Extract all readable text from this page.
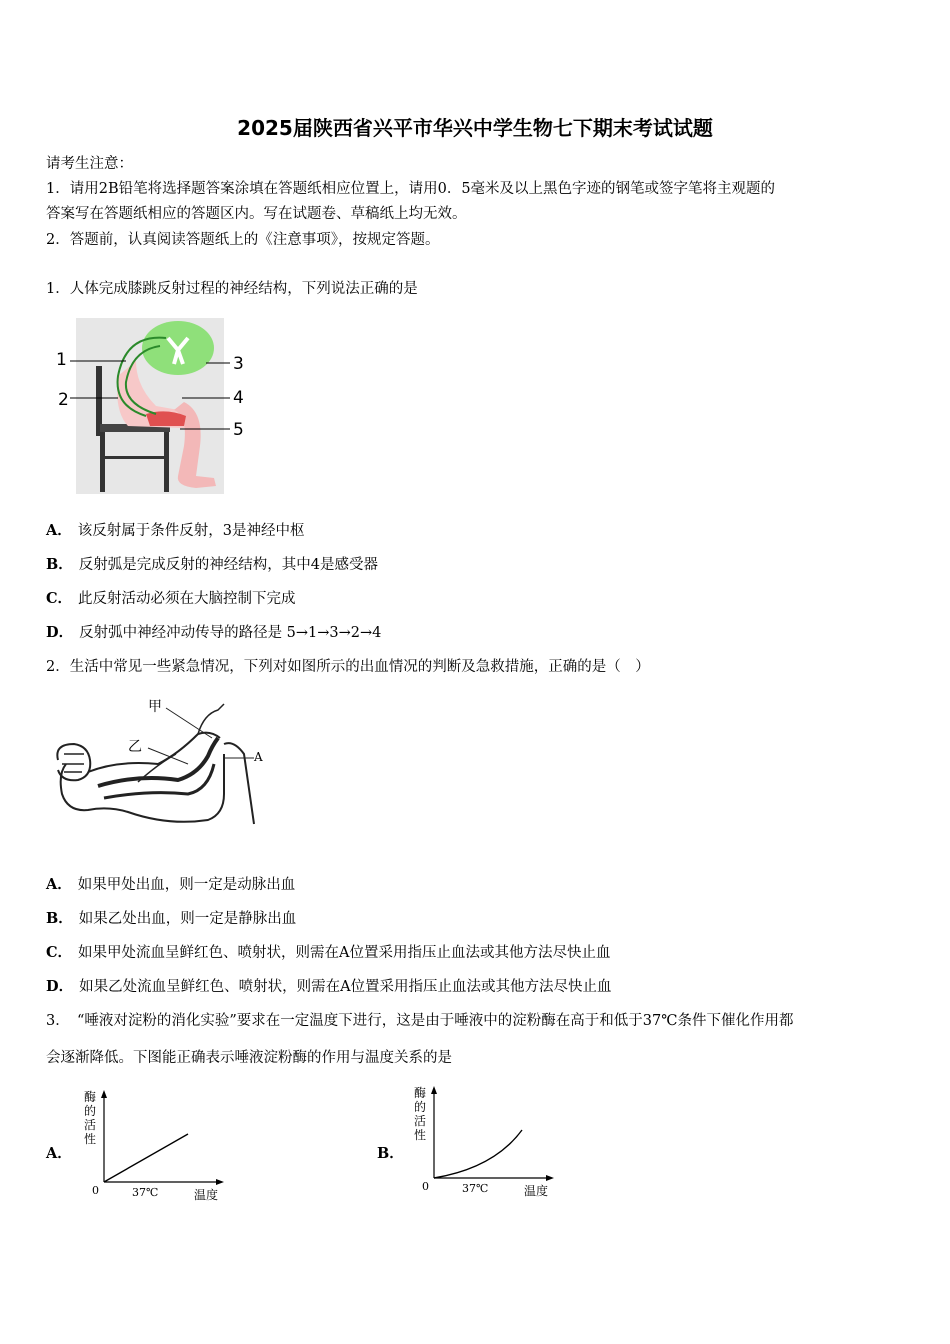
2025届陕西省兴平市华兴中学生物七下期末考试试题
请考生注意：
1．请用2B铅笔将选择题答案涂填在答题纸相应位置上，请用0．5毫米及以上黑色字迹的钢笔或签字笔将主观题的
答案写在答题纸相应的答题区内。写在试题卷、草稿纸上均无效。
2．答题前，认真阅读答题纸上的《注意事项》，按规定答题。
1．人体完成膝跳反射过程的神经结构，下列说法正确的是
1
2
3
4
5
A． 该反射属于条件反射，3是神经中枢
B． 反射弧是完成反射的神经结构，其中4是感受器
C． 此反射活动必须在大脑控制下完成
D． 反射弧中神经冲动传导的路径是 5→1→3→2→4
2．生活中常见一些紧急情况，下列对如图所示的出血情况的判断及急救措施，正确的是（　）
甲
乙
A
A． 如果甲处出血，则一定是动脉出血
B． 如果乙处出血，则一定是静脉出血
C． 如果甲处流血呈鲜红色、喷射状，则需在A位置采用指压止血法或其他方法尽快止血
D． 如果乙处流血呈鲜红色、喷射状，则需在A位置采用指压止血法或其他方法尽快止血
3．　“唾液对淀粉的消化实验”要求在一定温度下进行，这是由于唾液中的淀粉酶在高于和低于37℃条件下催化作用都
会逐渐降低。下图能正确表示唾液淀粉酶的作用与温度关系的是
A．
酶
的
活
性
0	37℃	温度
B．
酶
的
活
性
0	37℃	温度
